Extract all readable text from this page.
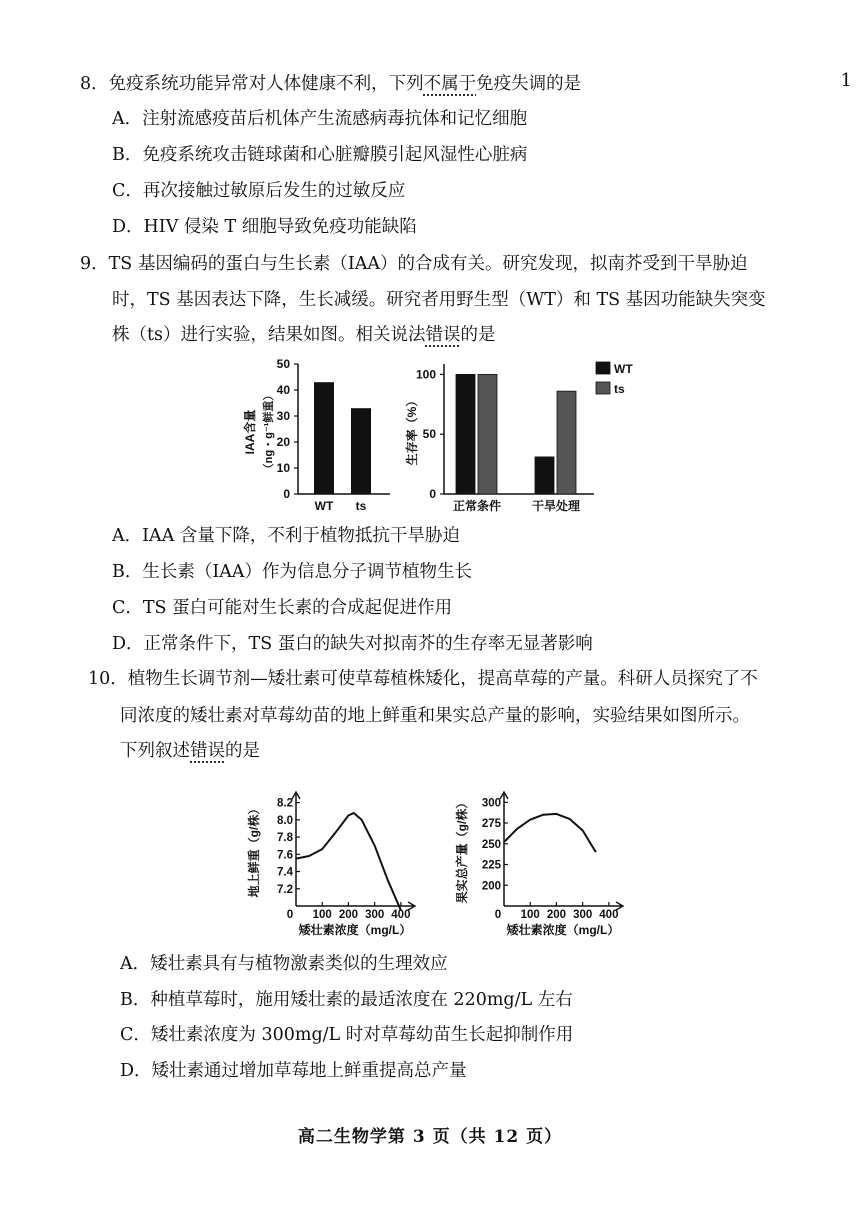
1
8．免疫系统功能异常对人体健康不利，下列不属于免疫失调的是
A．注射流感疫苗后机体产生流感病毒抗体和记忆细胞
B．免疫系统攻击链球菌和心脏瓣膜引起风湿性心脏病
C．再次接触过敏原后发生的过敏反应
D．HIV 侵染 T 细胞导致免疫功能缺陷
9．TS 基因编码的蛋白与生长素（IAA）的合成有关。研究发现，拟南芥受到干旱胁迫
时，TS 基因表达下降，生长减缓。研究者用野生型（WT）和 TS 基因功能缺失突变
株（ts）进行实验，结果如图。相关说法错误的是
0
10
20
30
40
50
WT ts
IAA含量 （ng・g⁻¹鲜重）
0
50
100
正常条件	干旱处理
生存率（%）
WT
ts
A．IAA 含量下降，不利于植物抵抗干旱胁迫
B．生长素（IAA）作为信息分子调节植物生长
C．TS 蛋白可能对生长素的合成起促进作用
D．正常条件下，TS 蛋白的缺失对拟南芥的生存率无显著影响
10．植物生长调节剂—矮壮素可使草莓植株矮化，提高草莓的产量。科研人员探究了不
同浓度的矮壮素对草莓幼苗的地上鲜重和果实总产量的影响，实验结果如图所示。
下列叙述错误的是
7.2
7.4
7.6
7.8
8.0
8.2
0 100 200 300 400
矮壮素浓度（mg/L）
地上鲜重（g/株）	200
225
250
275
300
0 100 200 300 400
矮壮素浓度（mg/L）
果实总产量（g/株）
A．矮壮素具有与植物激素类似的生理效应
B．种植草莓时，施用矮壮素的最适浓度在 220mg/L 左右
C．矮壮素浓度为 300mg/L 时对草莓幼苗生长起抑制作用
D．矮壮素通过增加草莓地上鲜重提高总产量
高二生物学第 3 页（共 12 页）
